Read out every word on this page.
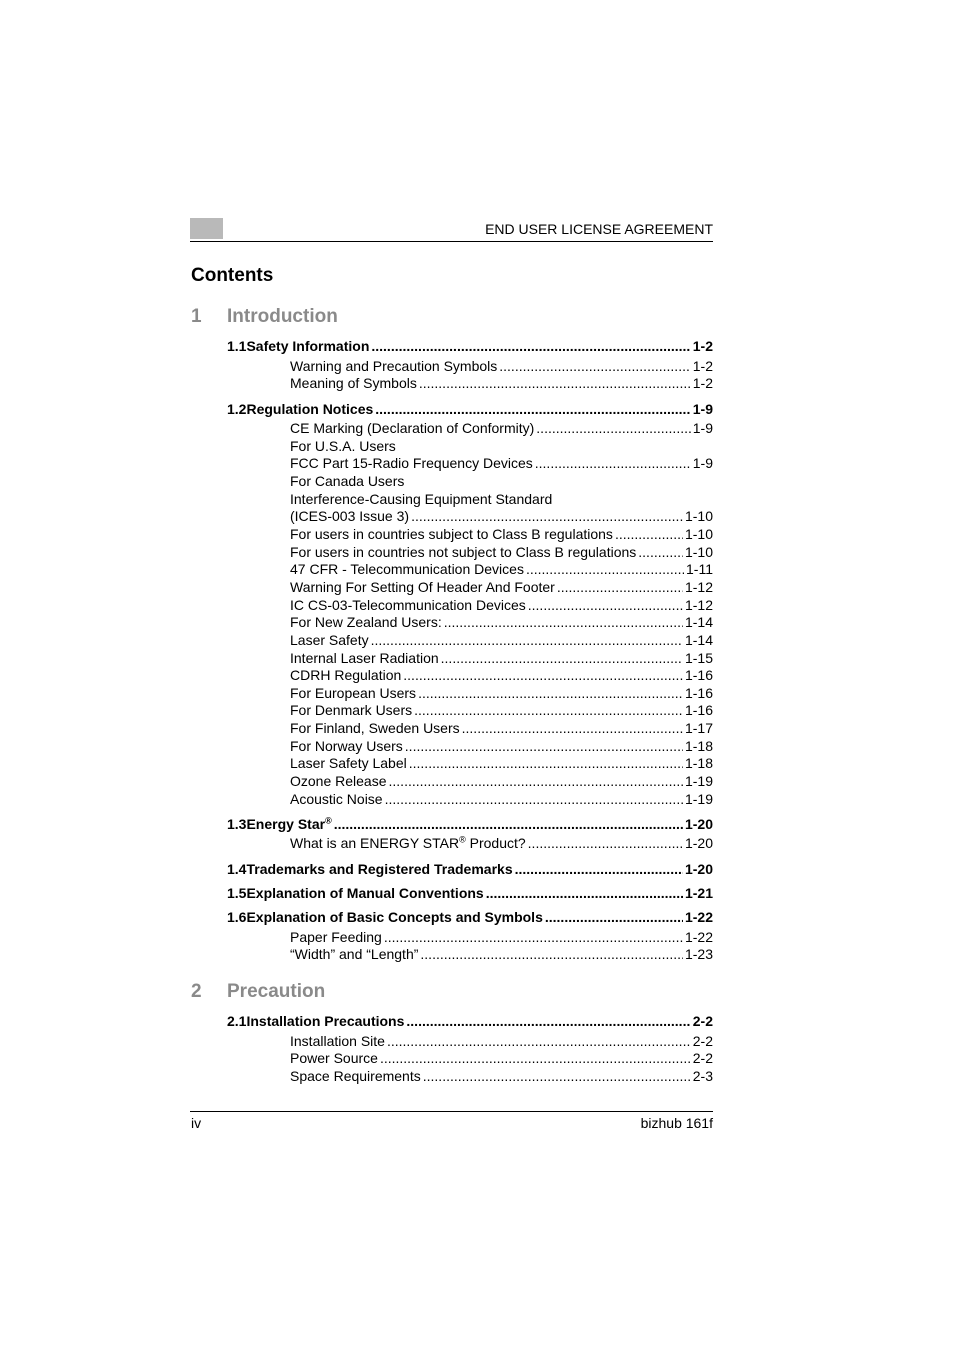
END USER LICENSE AGREEMENT
Contents
1 Introduction
2 Precaution
1.1 Safety Information .....	1-2
Warning and Precaution Symbols .....	1-2
Meaning of Symbols .....	1-2
1.2 Regulation Notices .....	1-9
CE Marking (Declaration of Conformity) .....	1-9
For U.S.A. Users
FCC Part 15-Radio Frequency Devices .....	1-9
For Canada Users
Interference-Causing Equipment Standard
(ICES-003 Issue 3) .....	1-10
For users in countries subject to Class B regulations .....	1-10
For users in countries not subject to Class B regulations .....	1-10
47 CFR - Telecommunication Devices .....	1-11
Warning For Setting Of Header And Footer .....	1-12
IC CS-03-Telecommunication Devices .....	1-12
For New Zealand Users: .....	1-14
Laser Safety .....	1-14
Internal Laser Radiation .....	1-15
CDRH Regulation .....	1-16
For European Users .....	1-16
For Denmark Users .....	1-16
For Finland, Sweden Users .....	1-17
For Norway Users .....	1-18
Laser Safety Label .....	1-18
Ozone Release .....	1-19
Acoustic Noise .....	1-19
1.3 Energy Star® .....	1-20
What is an ENERGY STAR® Product? .....	1-20
1.4 Trademarks and Registered Trademarks .....	1-20
1.5 Explanation of Manual Conventions .....	1-21
1.6 Explanation of Basic Concepts and Symbols .....	1-22
Paper Feeding .....	1-22
“Width” and “Length” .....	1-23
2.1 Installation Precautions .....	2-2
Installation Site .....	2-2
Power Source .....	2-2
Space Requirements .....	2-3
iv	bizhub 161f
